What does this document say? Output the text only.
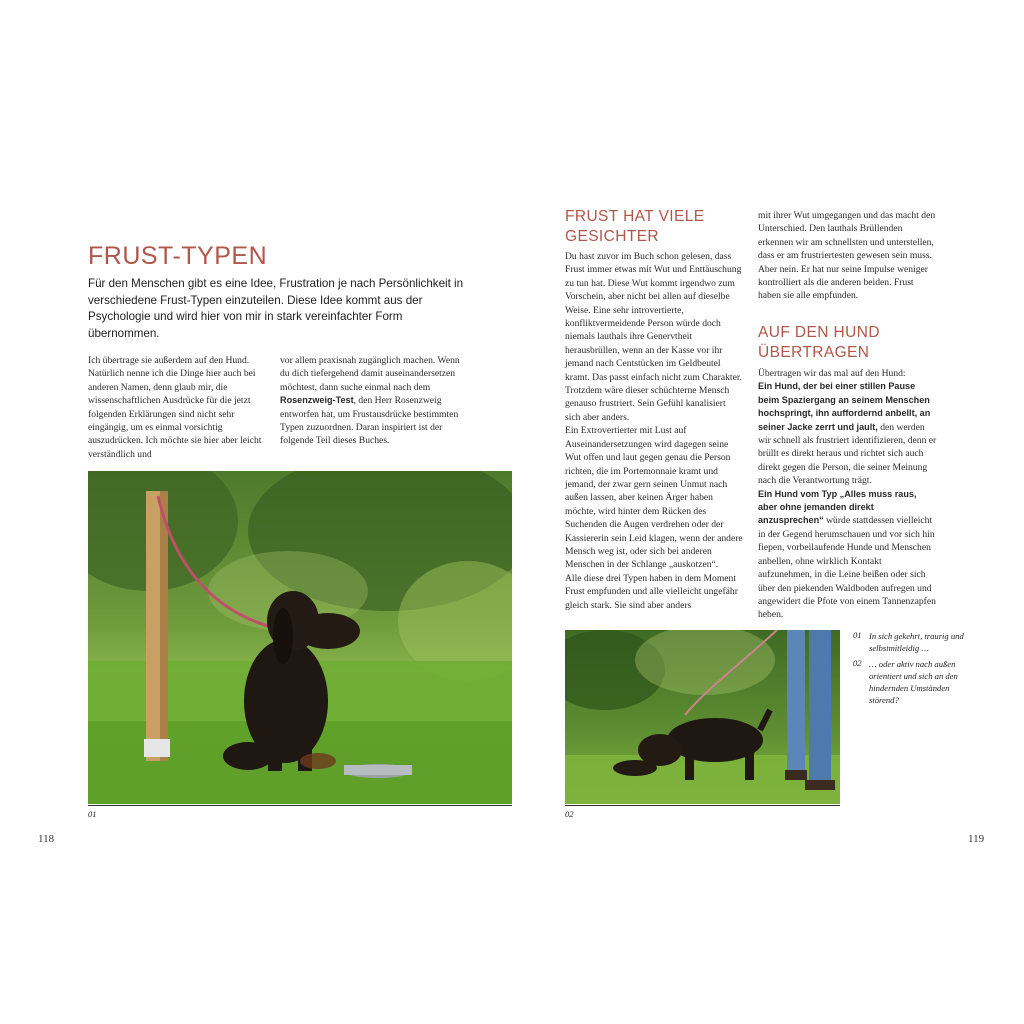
FRUST-TYPEN

Für den Menschen gibt es eine Idee, Frustration je nach Persönlichkeit in verschiedene Frust-Typen einzuteilen. Diese Idee kommt aus der Psychologie und wird hier von mir in stark vereinfachter Form übernommen.

Ich übertrage sie außerdem auf den Hund. Natürlich nenne ich die Dinge hier auch bei anderen Namen, denn glaub mir, die wissenschaftlichen Ausdrücke für die jetzt folgenden Erklärungen sind nicht sehr eingängig, um es einmal vorsichtig auszudrücken. Ich möchte sie hier aber leicht verständlich und

vor allem praxisnah zugänglich machen. Wenn du dich tiefergehend damit auseinandersetzen möchtest, dann suche einmal nach dem Rosenzweig-Test, den Herr Rosenzweig entworfen hat, um Frustausdrücke bestimmten Typen zuzuordnen. Daran inspiriert ist der folgende Teil dieses Buches.

01
118
FRUST HAT VIELE GESICHTER

Du hast zuvor im Buch schon gelesen, dass Frust immer etwas mit Wut und Enttäuschung zu tun hat. Diese Wut kommt irgendwo zum Vorschein, aber nicht bei allen auf dieselbe Weise. Eine sehr introvertierte, konfliktvermeidende Person würde doch niemals lauthals ihre Genervtheit herausbrüllen, wenn an der Kasse vor ihr jemand nach Centstücken im Geldbeutel kramt. Das passt einfach nicht zum Charakter. Trotzdem wäre dieser schüchterne Mensch genauso frustriert. Sein Gefühl kanalisiert sich aber anders.

Ein Extrovertierter mit Lust auf Auseinandersetzungen wird dagegen seine Wut offen und laut gegen genau die Person richten, die im Portemonnaie kramt und jemand, der zwar gern seinen Unmut nach außen lassen, aber keinen Ärger haben möchte, wird hinter dem Rücken des Suchenden die Augen verdrehen oder der Kassiererin sein Leid klagen, wenn der andere Mensch weg ist, oder sich bei anderen Menschen in der Schlange „auskotzen“.

Alle diese drei Typen haben in dem Moment Frust empfunden und alle vielleicht ungefähr gleich stark. Sie sind aber anders

mit ihrer Wut umgegangen und das macht den Unterschied. Den lauthals Brüllenden erkennen wir am schnellsten und unterstellen, dass er am frustriertesten gewesen sein muss. Aber nein. Er hat nur seine Impulse weniger kontrolliert als die anderen beiden. Frust haben sie alle empfunden.

AUF DEN HUND ÜBERTRAGEN

Übertragen wir das mal auf den Hund:
Ein Hund, der bei einer stillen Pause beim Spaziergang an seinem Menschen hochspringt, ihn auffordernd anbellt, an seiner Jacke zerrt und jault, den werden wir schnell als frustriert identifizieren, denn er brüllt es direkt heraus und richtet sich auch direkt gegen die Person, die seiner Meinung nach die Verantwortung trägt.

Ein Hund vom Typ „Alles muss raus, aber ohne jemanden direkt anzusprechen“ würde stattdessen vielleicht in der Gegend herumschauen und vor sich hin fiepen, vorbeilaufende Hunde und Menschen anbellen, ohne wirklich Kontakt aufzunehmen, in die Leine beißen oder sich über den piekenden Waldboden aufregen und angewidert die Pfote von einem Tannenzapfen heben.

02
01 In sich gekehrt, traurig und selbstmitleidig …
02 … oder aktiv nach außen orientiert und sich an den hindernden Umständen störend?
119
